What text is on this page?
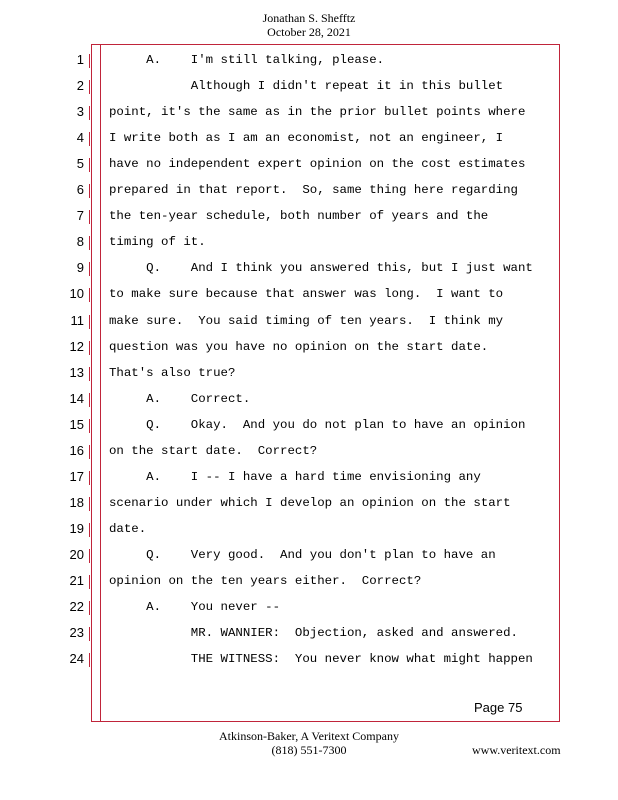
Jonathan S. Shefftz
October 28, 2021
1 A.    I'm still talking, please.
2 Although I didn't repeat it in this bullet
3 point, it's the same as in the prior bullet points where
4 I write both as I am an economist, not an engineer, I
5 have no independent expert opinion on the cost estimates
6 prepared in that report.  So, same thing here regarding
7 the ten-year schedule, both number of years and the
8 timing of it.
9 Q.    And I think you answered this, but I just want
10 to make sure because that answer was long.  I want to
11 make sure.  You said timing of ten years.  I think my
12 question was you have no opinion on the start date.
13 That's also true?
14 A.    Correct.
15 Q.    Okay.  And you do not plan to have an opinion
16 on the start date.  Correct?
17 A.    I -- I have a hard time envisioning any
18 scenario under which I develop an opinion on the start
19 date.
20 Q.    Very good.  And you don't plan to have an
21 opinion on the ten years either.  Correct?
22 A.    You never --
23 MR. WANNIER:  Objection, asked and answered.
24 THE WITNESS:  You never know what might happen
Page 75
Atkinson-Baker, A Veritext Company
(818) 551-7300	www.veritext.com
